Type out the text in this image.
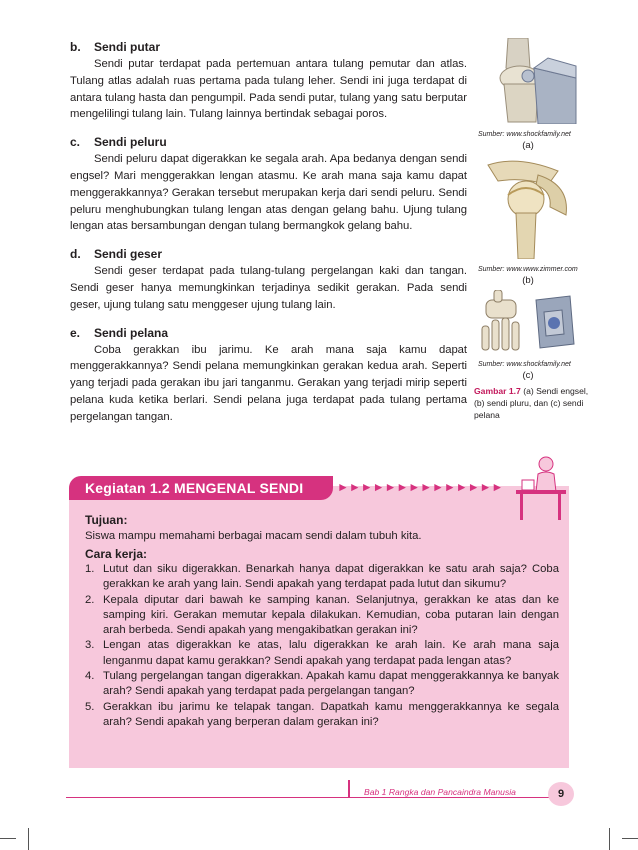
b.	Sendi putar

Sendi putar terdapat pada pertemuan antara tulang pemutar dan atlas. Tulang atlas adalah ruas pertama pada tulang leher. Sendi ini juga terdapat di antara tulang hasta dan pengumpil. Pada sendi putar, tulang yang satu berputar mengelilingi tulang lain. Tulang lainnya bertindak sebagai poros.

c.	Sendi peluru

Sendi peluru dapat digerakkan ke segala arah. Apa bedanya dengan sendi engsel? Mari menggerakkan lengan atasmu. Ke arah mana saja kamu dapat menggerakkannya? Gerakan tersebut merupakan kerja dari sendi peluru. Sendi peluru menghubungkan tulang lengan atas dengan gelang bahu. Ujung tulang lengan atas bersambungan dengan tulang bermangkok gelang bahu.

d.	Sendi geser

Sendi geser terdapat pada tulang-tulang pergelangan kaki dan tangan. Sendi geser hanya memungkinkan terjadinya sedikit gerakan. Pada sendi geser, ujung tulang satu menggeser ujung tulang lain.

e.	Sendi pelana

Coba gerakkan ibu jarimu. Ke arah mana saja kamu dapat menggerakkannya? Sendi pelana memungkinkan gerakan kedua arah. Seperti yang terjadi pada gerakan ibu jari tanganmu. Gerakan yang terjadi mirip seperti pelana kuda ketika berlari. Sendi pelana juga terdapat pada tulang pertama pergelangan tangan.

Sumber: www.shockfamily.net
(a)
Sumber: www.www.zimmer.com
(b)
Sumber: www.shockfamily.net
(c)
Gambar 1.7 (a) Sendi engsel, (b) sendi pluru, dan (c) sendi pelana
Kegiatan 1.2 MENGENAL SENDI	►►►►►►►►►►►►►►
Tujuan:
Siswa mampu memahami berbagai macam sendi dalam tubuh kita.
Cara kerja:
1. Lutut dan siku digerakkan. Benarkah hanya dapat digerakkan ke satu arah saja? Coba gerakkan ke arah yang lain. Sendi apakah yang terdapat pada lutut dan sikumu?
2. Kepala diputar dari bawah ke samping kanan. Selanjutnya, gerakkan ke atas dan ke samping kiri. Gerakan memutar kepala dilakukan. Kemudian, coba putaran lain dengan arah berbeda. Sendi apakah yang mengakibatkan gerakan ini?
3. Lengan atas digerakkan ke atas, lalu digerakkan ke arah lain. Ke arah mana saja lenganmu dapat kamu gerakkan? Sendi apakah yang terdapat pada lengan atas?
4. Tulang pergelangan tangan digerakkan. Apakah kamu dapat menggerakkannya ke banyak arah? Sendi apakah yang terdapat pada pergelangan tangan?
5. Gerakkan ibu jarimu ke telapak tangan. Dapatkah kamu menggerakkannya ke segala arah? Sendi apakah yang berperan dalam gerakan ini?
Bab 1 Rangka dan Pancaindra Manusia	9
